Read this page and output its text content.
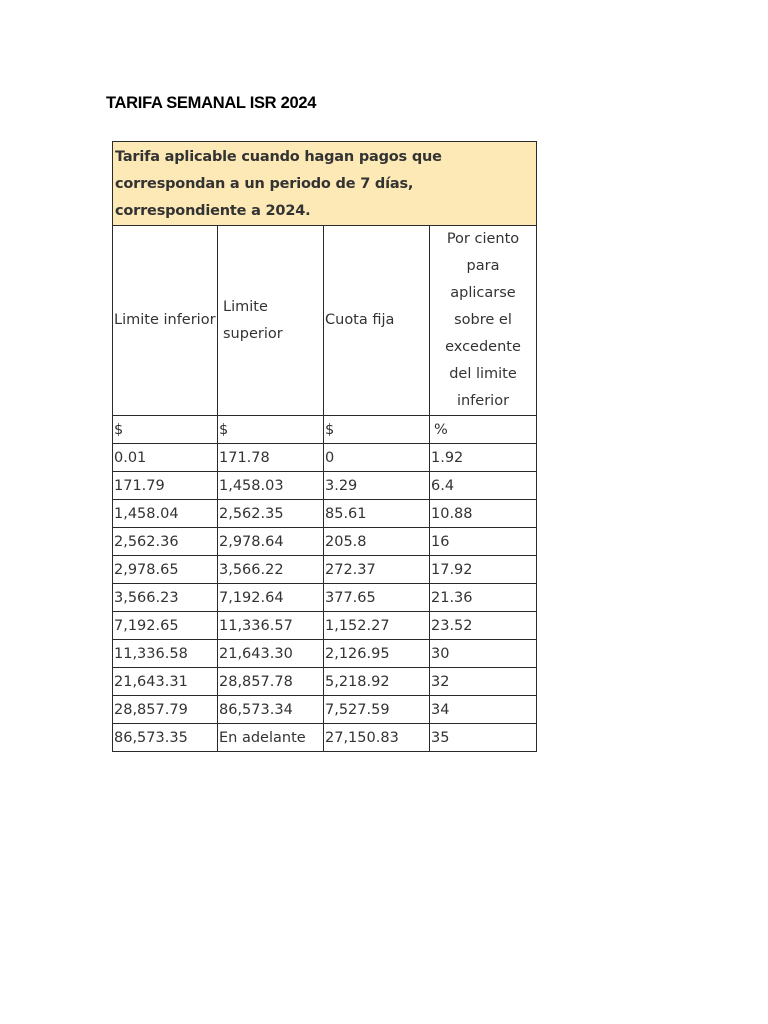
TARIFA SEMANAL ISR 2024
Tarifa aplicable cuando hagan pagos que correspondan a un periodo de 7 días, correspondiente a 2024.			
Limite inferior	Limite superior	Cuota fija	Por ciento para aplicarse sobre el excedente del limite inferior
$	$	$	%
0.01	171.78	0	1.92
171.79	1,458.03	3.29	6.4
1,458.04	2,562.35	85.61	10.88
2,562.36	2,978.64	205.8	16
2,978.65	3,566.22	272.37	17.92
3,566.23	7,192.64	377.65	21.36
7,192.65	11,336.57	1,152.27	23.52
11,336.58	21,643.30	2,126.95	30
21,643.31	28,857.78	5,218.92	32
28,857.79	86,573.34	7,527.59	34
86,573.35	En adelante	27,150.83	35
